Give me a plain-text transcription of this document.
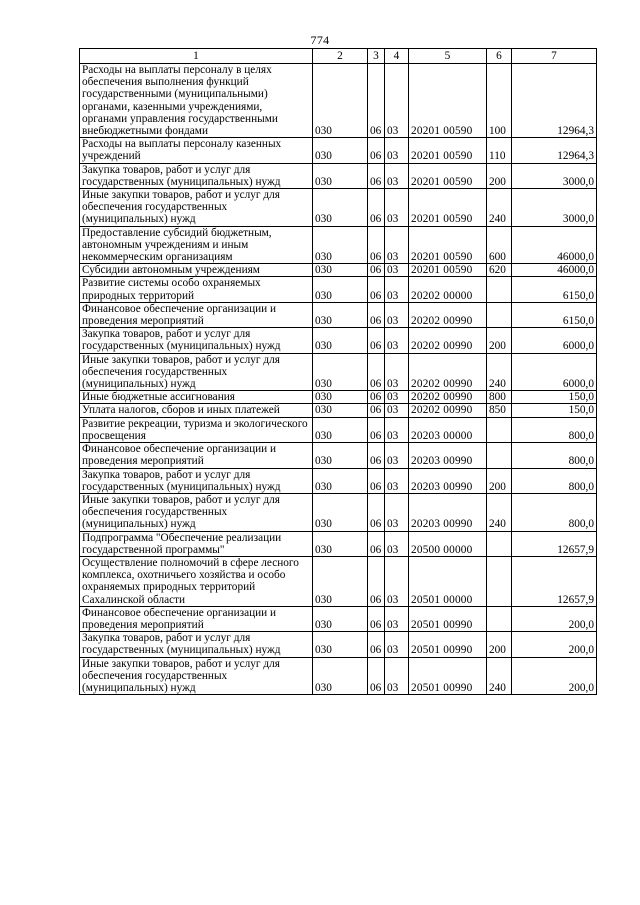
774
1	2	3	4	5	6	7
Расходы на выплаты персоналу в целях обеспечения выполнения функций государственными (муниципальными) органами, казенными учреждениями, органами управления государственными внебюджетными фондами	030	06	03	20201 00590	100	12964,3
Расходы на выплаты персоналу казенных учреждений	030	06	03	20201 00590	110	12964,3
Закупка товаров, работ и услуг для государственных (муниципальных) нужд	030	06	03	20201 00590	200	3000,0
Иные закупки товаров, работ и услуг для обеспечения государственных (муниципальных) нужд	030	06	03	20201 00590	240	3000,0
Предоставление субсидий бюджетным, автономным учреждениям и иным некоммерческим организациям	030	06	03	20201 00590	600	46000,0
Субсидии автономным учреждениям	030	06	03	20201 00590	620	46000,0
Развитие системы особо охраняемых природных территорий	030	06	03	20202 00000		6150,0
Финансовое обеспечение организации и проведения мероприятий	030	06	03	20202 00990		6150,0
Закупка товаров, работ и услуг для государственных (муниципальных) нужд	030	06	03	20202 00990	200	6000,0
Иные закупки товаров, работ и услуг для обеспечения государственных (муниципальных) нужд	030	06	03	20202 00990	240	6000,0
Иные бюджетные ассигнования	030	06	03	20202 00990	800	150,0
Уплата налогов, сборов и иных платежей	030	06	03	20202 00990	850	150,0
Развитие рекреации, туризма и экологического просвещения	030	06	03	20203 00000		800,0
Финансовое обеспечение организации и проведения мероприятий	030	06	03	20203 00990		800,0
Закупка товаров, работ и услуг для государственных (муниципальных) нужд	030	06	03	20203 00990	200	800,0
Иные закупки товаров, работ и услуг для обеспечения государственных (муниципальных) нужд	030	06	03	20203 00990	240	800,0
Подпрограмма "Обеспечение реализации государственной программы"	030	06	03	20500 00000		12657,9
Осуществление полномочий в сфере лесного комплекса, охотничьего хозяйства и особо охраняемых природных территорий Сахалинской области	030	06	03	20501 00000		12657,9
Финансовое обеспечение организации и проведения мероприятий	030	06	03	20501 00990		200,0
Закупка товаров, работ и услуг для государственных (муниципальных) нужд	030	06	03	20501 00990	200	200,0
Иные закупки товаров, работ и услуг для обеспечения государственных (муниципальных) нужд	030	06	03	20501 00990	240	200,0
